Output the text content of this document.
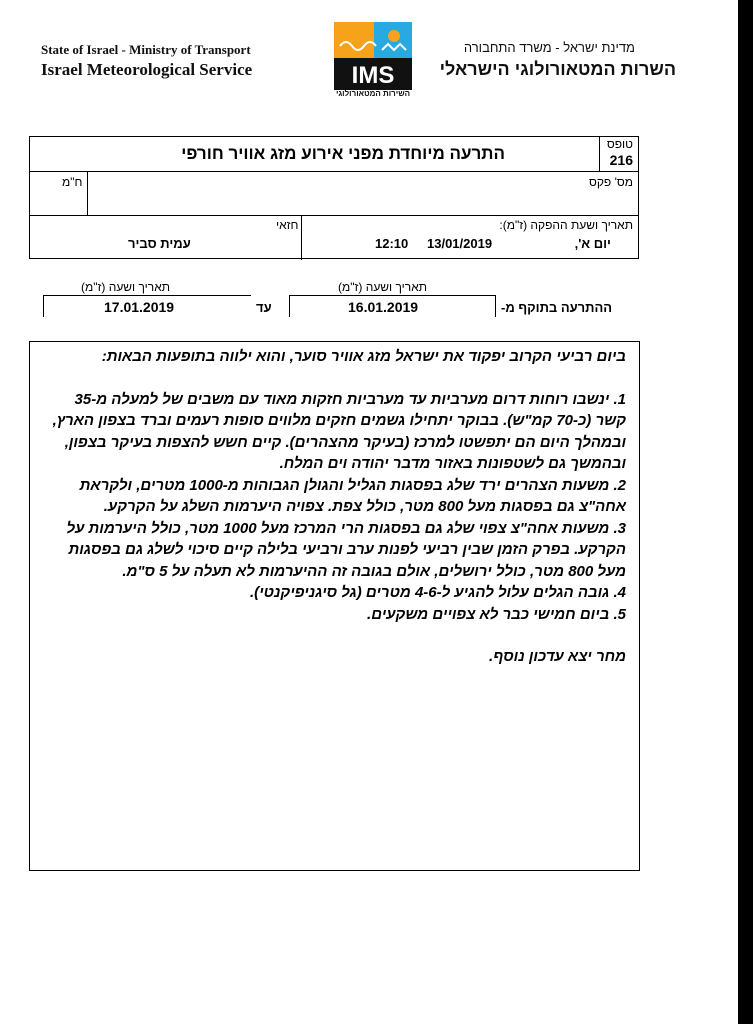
State of Israel - Ministry of Transport
Israel Meteorological Service
מדינת ישראל - משרד התחבורה
השרות המטאורולוגי הישראלי
IMS
השירות המטאורולוגי
טופס
216
התרעה מיוחדת מפני אירוע מזג אוויר חורפי
מס' פקס
ח"מ
תאריך ושעת ההפקה (ז"מ):
יום א',
13/01/2019
12:10
חזאי
עמית סביר
תאריך ושעה (ז"מ)	תאריך ושעה (ז"מ)
17.01.2019	עד	16.01.2019	ההתרעה בתוקף מ-

ביום רביעי הקרוב יפקוד את ישראל מזג אוויר סוער, והוא ילווה בתופעות הבאות:

1. ינשבו רוחות דרום מערביות עד מערביות חזקות מאוד עם משבים של למעלה מ-35 קשר (כ-70 קמ"ש). בבוקר יתחילו גשמים חזקים מלווים סופות רעמים וברד בצפון הארץ, ובמהלך היום הם יתפשטו למרכז (בעיקר מהצהרים). קיים חשש להצפות בעיקר בצפון, ובהמשך גם לשטפונות באזור מדבר יהודה וים המלח.

2. משעות הצהרים ירד שלג בפסגות הגליל והגולן הגבוהות מ-1000 מטרים, ולקראת אחה"צ גם בפסגות מעל 800 מטר, כולל צפת. צפויה היערמות השלג על הקרקע.

3. משעות אחה"צ צפוי שלג גם בפסגות הרי המרכז מעל 1000 מטר, כולל היערמות על הקרקע. בפרק הזמן שבין רביעי לפנות ערב ורביעי בלילה קיים סיכוי לשלג גם בפסגות מעל 800 מטר, כולל ירושלים, אולם בגובה זה ההיערמות לא תעלה על 5 ס"מ.

4. גובה הגלים עלול להגיע ל-4-6 מטרים (גל סיגניפיקנטי).

5. ביום חמישי כבר לא צפויים משקעים.

מחר יצא עדכון נוסף.
